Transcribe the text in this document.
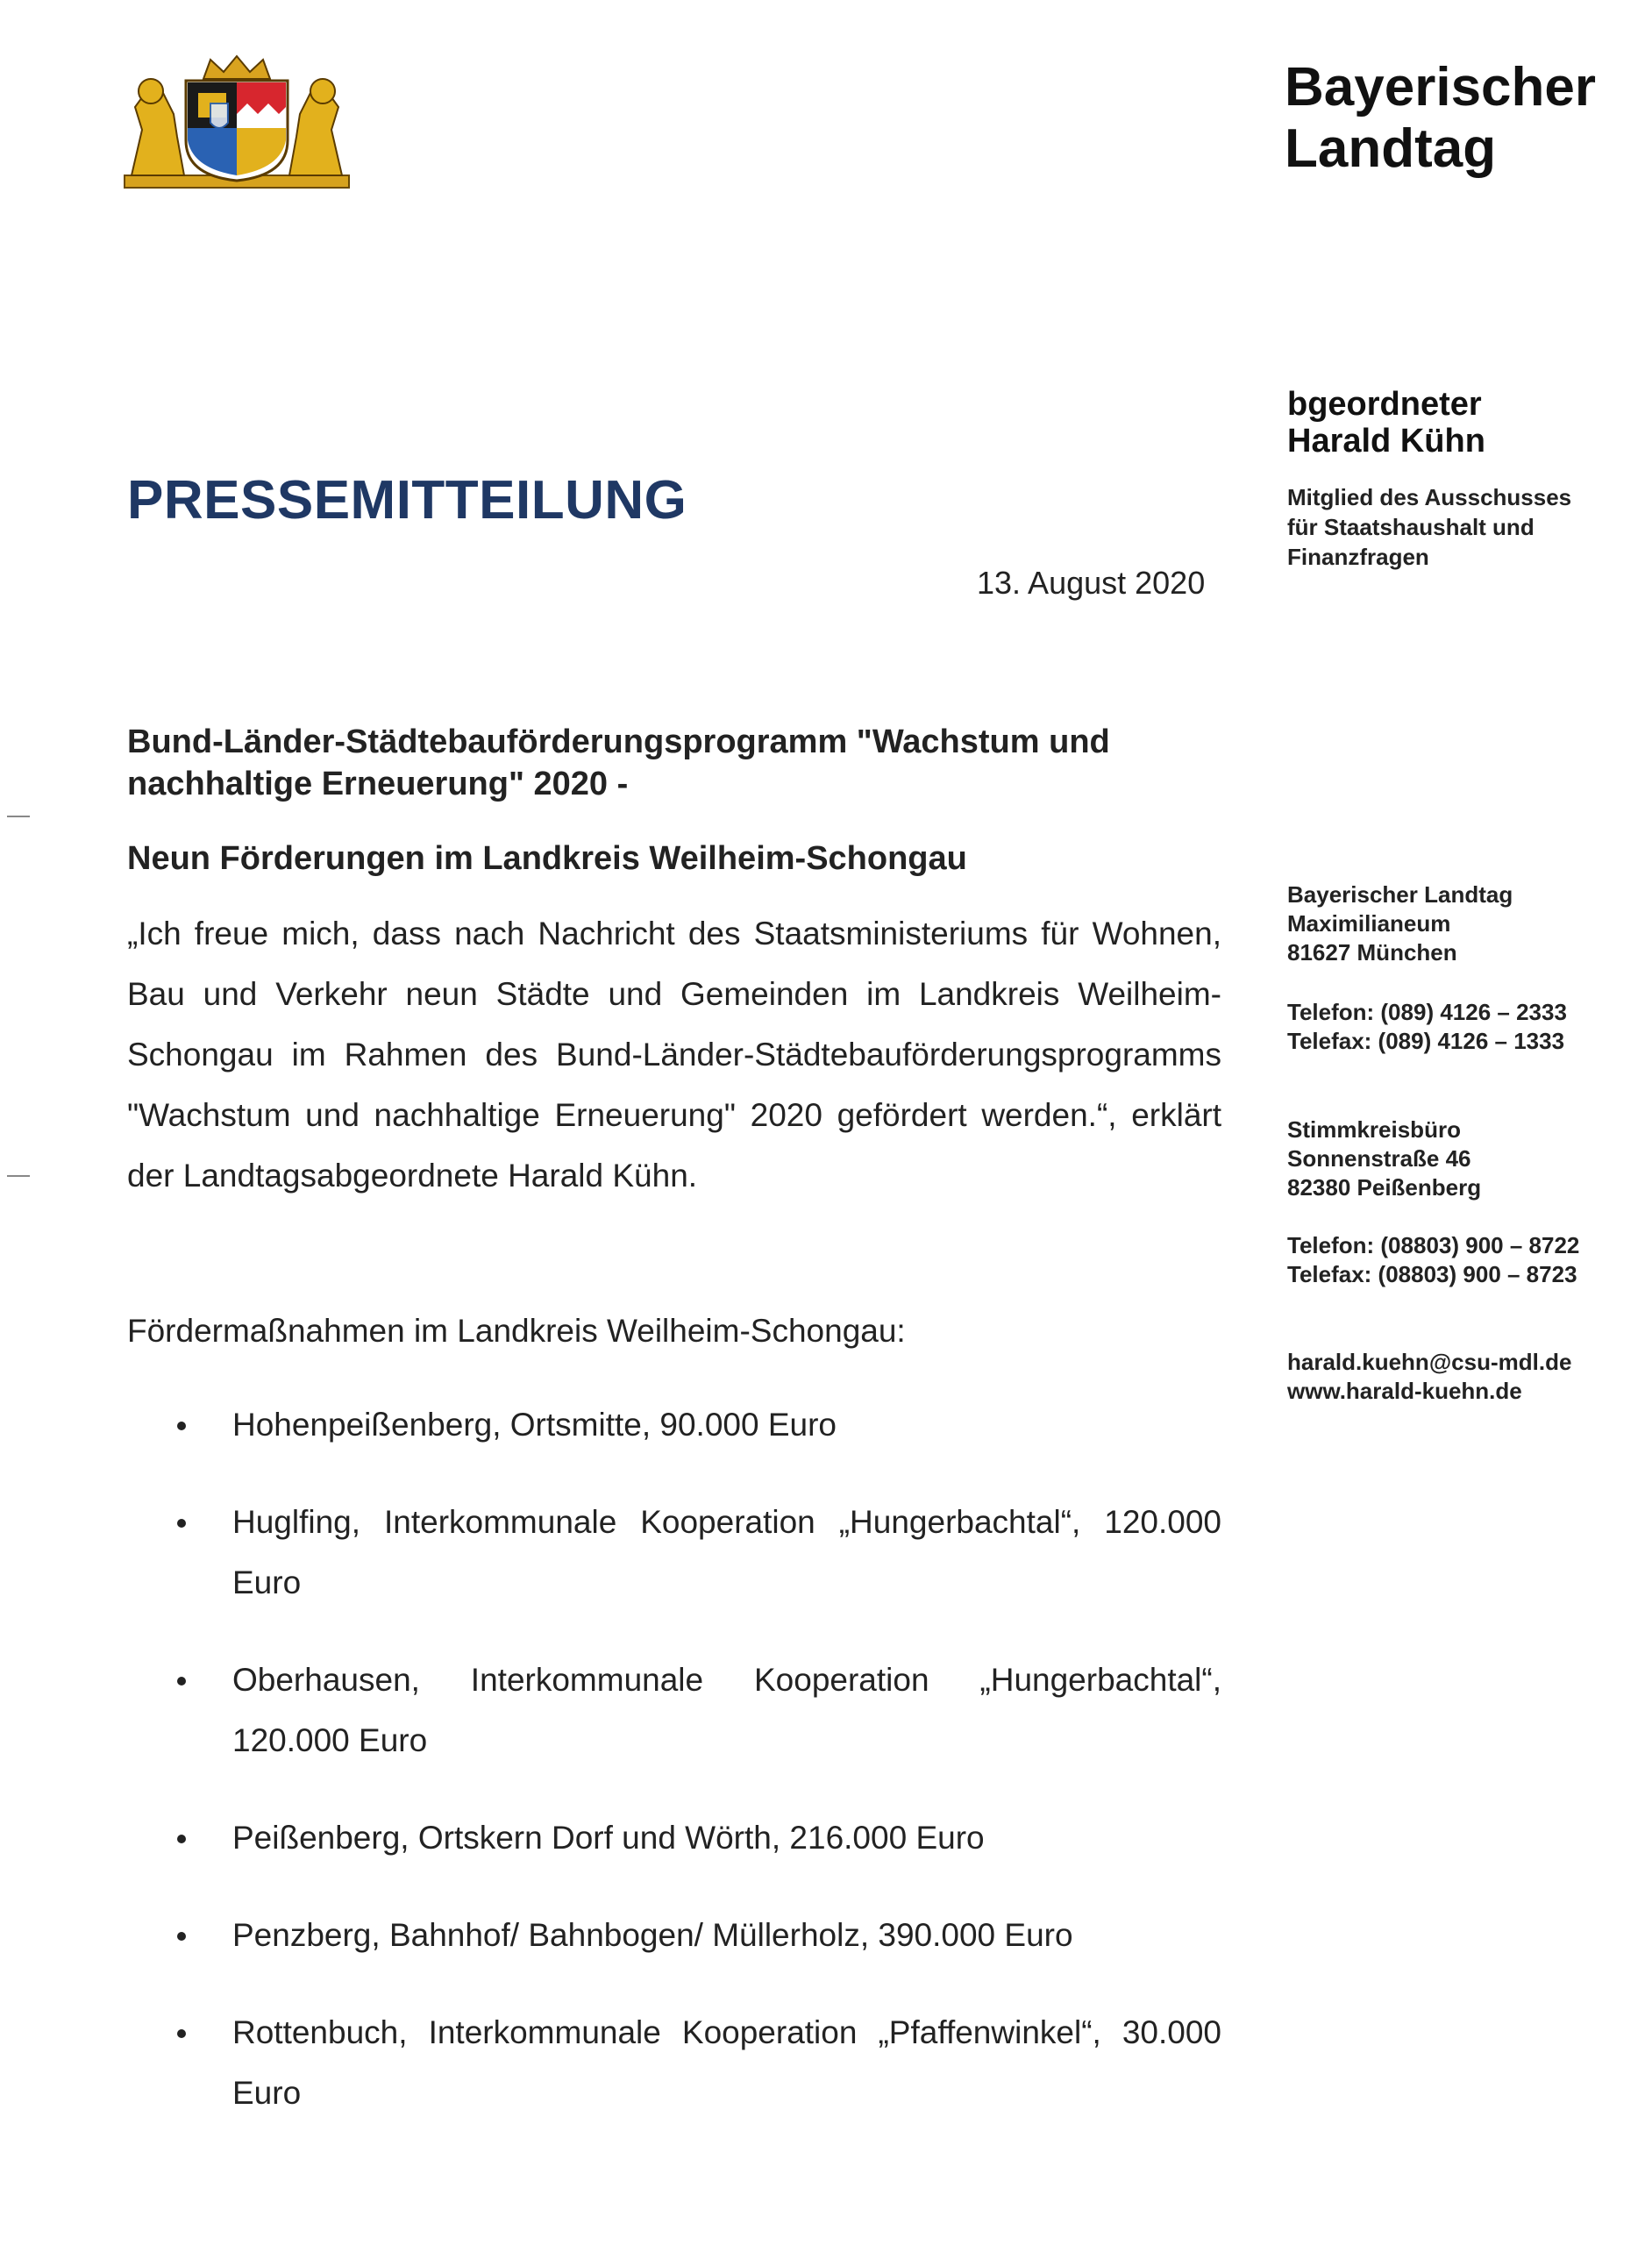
Bayerischer
Landtag
bgeordneter
Harald Kühn
Mitglied des Ausschusses
für Staatshaushalt und
Finanzfragen
PRESSEMITTEILUNG
13. August 2020
Bund-Länder-Städtebauförderungsprogramm "Wachstum und nachhaltige Erneuerung" 2020 -
Neun Förderungen im Landkreis Weilheim-Schongau
„Ich freue mich, dass nach Nachricht des Staatsministeriums für Wohnen, Bau und Verkehr neun Städte und Gemeinden im Landkreis Weilheim-Schongau im Rahmen des Bund-Länder-Städtebauförderungsprogramms "Wachstum und nachhaltige Erneuerung" 2020 gefördert werden.“, erklärt der Landtagsabgeordnete Harald Kühn.
Fördermaßnahmen im Landkreis Weilheim-Schongau:
Hohenpeißenberg, Ortsmitte, 90.000 Euro
Huglfing, Interkommunale Kooperation „Hungerbachtal“, 120.000 Euro
Oberhausen, Interkommunale Kooperation „Hungerbachtal“, 120.000 Euro
Peißenberg, Ortskern Dorf und Wörth, 216.000 Euro
Penzberg, Bahnhof/ Bahnbogen/ Müllerholz, 390.000 Euro
Rottenbuch, Interkommunale Kooperation „Pfaffenwinkel“, 30.000 Euro
Bayerischer Landtag
Maximilianeum
81627 München
Telefon: (089) 4126 – 2333
Telefax: (089) 4126 – 1333
Stimmkreisbüro
Sonnenstraße 46
82380 Peißenberg
Telefon: (08803) 900 – 8722
Telefax: (08803) 900 – 8723
harald.kuehn@csu-mdl.de
www.harald-kuehn.de
